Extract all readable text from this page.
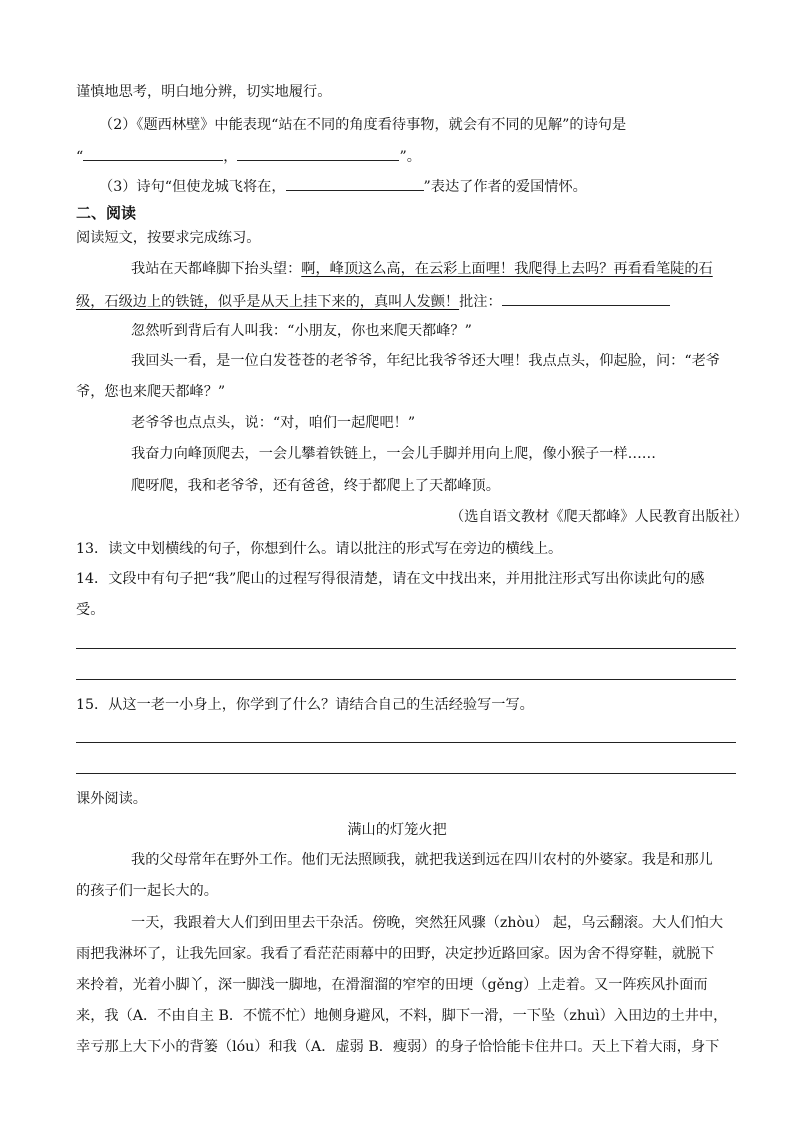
谨慎地思考，明白地分辨，切实地履行。
（2）《题西林壁》中能表现“站在不同的角度看待事物，就会有不同的见解”的诗句是
“	，	”。
（3）诗句“但使龙城飞将在，	”表达了作者的爱国情怀。
二、阅读
阅读短文，按要求完成练习。
我站在天都峰脚下抬头望：啊，峰顶这么高，在云彩上面哩！我爬得上去吗？再看看笔陡的石
级，石级边上的铁链，似乎是从天上挂下来的，真叫人发颤！批注：
忽然听到背后有人叫我：“小朋友，你也来爬天都峰？”
我回头一看，是一位白发苍苍的老爷爷，年纪比我爷爷还大哩！我点点头，仰起脸，问：“老爷
爷，您也来爬天都峰？”
老爷爷也点点头，说：“对，咱们一起爬吧！”
我奋力向峰顶爬去，一会儿攀着铁链上，一会儿手脚并用向上爬，像小猴子一样……
爬呀爬，我和老爷爷，还有爸爸，终于都爬上了天都峰顶。
（选自语文教材《爬天都峰》人民教育出版社）
13．读文中划横线的句子，你想到什么。请以批注的形式写在旁边的横线上。
14．文段中有句子把“我”爬山的过程写得很清楚，请在文中找出来，并用批注形式写出你读此句的感
受。
15．从这一老一小身上，你学到了什么？请结合自己的生活经验写一写。
课外阅读。
满山的灯笼火把
我的父母常年在野外工作。他们无法照顾我，就把我送到远在四川农村的外婆家。我是和那儿
的孩子们一起长大的。
一天，我跟着大人们到田里去干杂活。傍晚，突然狂风骤（zhòu） 起，乌云翻滚。大人们怕大
雨把我淋坏了，让我先回家。我看了看茫茫雨幕中的田野，决定抄近路回家。因为舍不得穿鞋，就脱下
来拎着，光着小脚丫，深一脚浅一脚地，在滑溜溜的窄窄的田埂（gěng）上走着。又一阵疾风扑面而
来，我（A．不由自主 B．不慌不忙）地侧身避风，不料，脚下一滑，一下坠（zhuì）入田边的土井中，
幸亏那上大下小的背篓（lóu）和我（A．虚弱 B．瘦弱）的身子恰恰能卡住井口。天上下着大雨，身下
